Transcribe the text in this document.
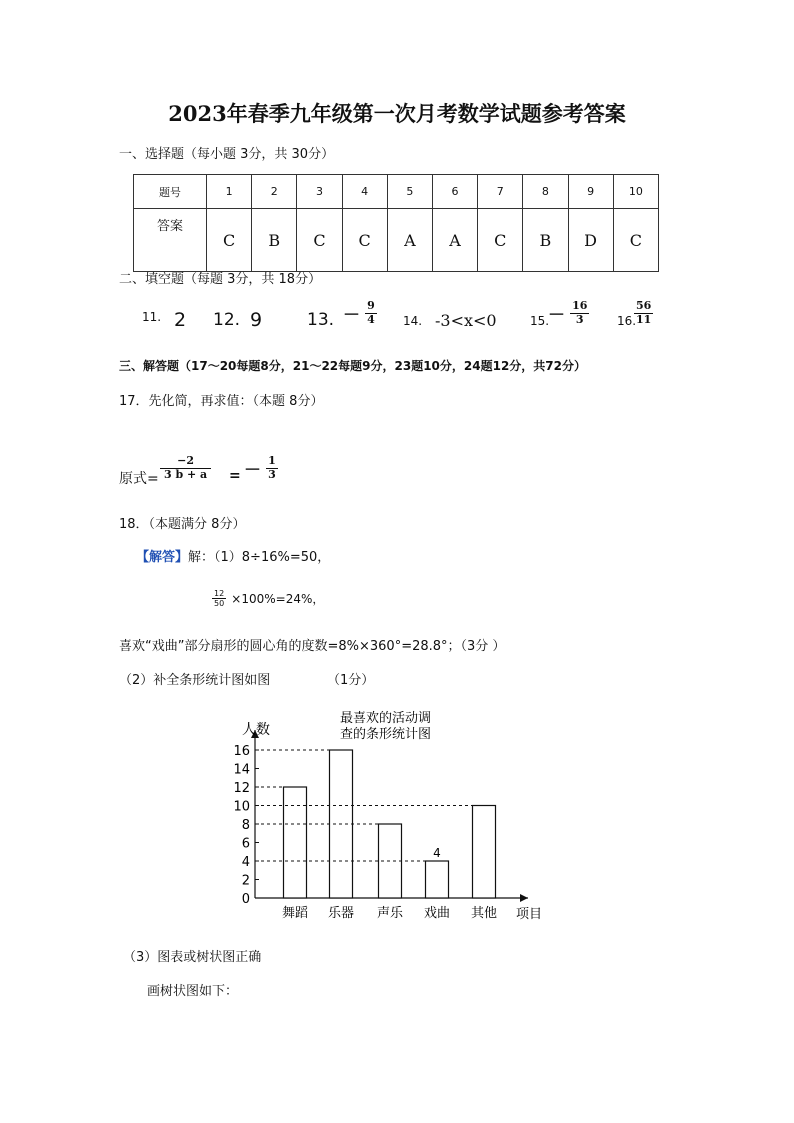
2023年春季九年级第一次月考数学试题参考答案
一、选择题（每小题 3分，共 30分）
题号	1	2	3	4	5	6	7	8	9	10
答案	C	B	C	C	A	A	C	B	D	C
二、填空题（每题 3分，共 18分）
11. 2 12. 9	13. － $\frac{9}{4} 14$. -3<x<0	15.
－ $\frac{16}{3} 16$.
$\frac{56}{11}$
三、解答题（17～20每题8分，21～22每题9分，23题10分，24题12分，共72分）
17．先化简，再求值：（本题 8分）
原式= $\frac{-2}{3 b + a}$ = － $\frac{1}{3}$
18．（本题满分 8分）
【解答】解：（1）8÷16%=50，
$\frac{12}{50} \times 100\%=24\%$，
喜欢“戏曲”部分扇形的圆心角的度数=8%×360°=28.8°；（3分 ）
（2）补全条形统计图如图	（1分）
0
2
4
6
8
10
12
14
16
舞蹈 乐器 声乐 戏曲
4
其他
人数
项目
最喜欢的活动调
查的条形统计图
（3）图表或树状图正确
画树状图如下：
